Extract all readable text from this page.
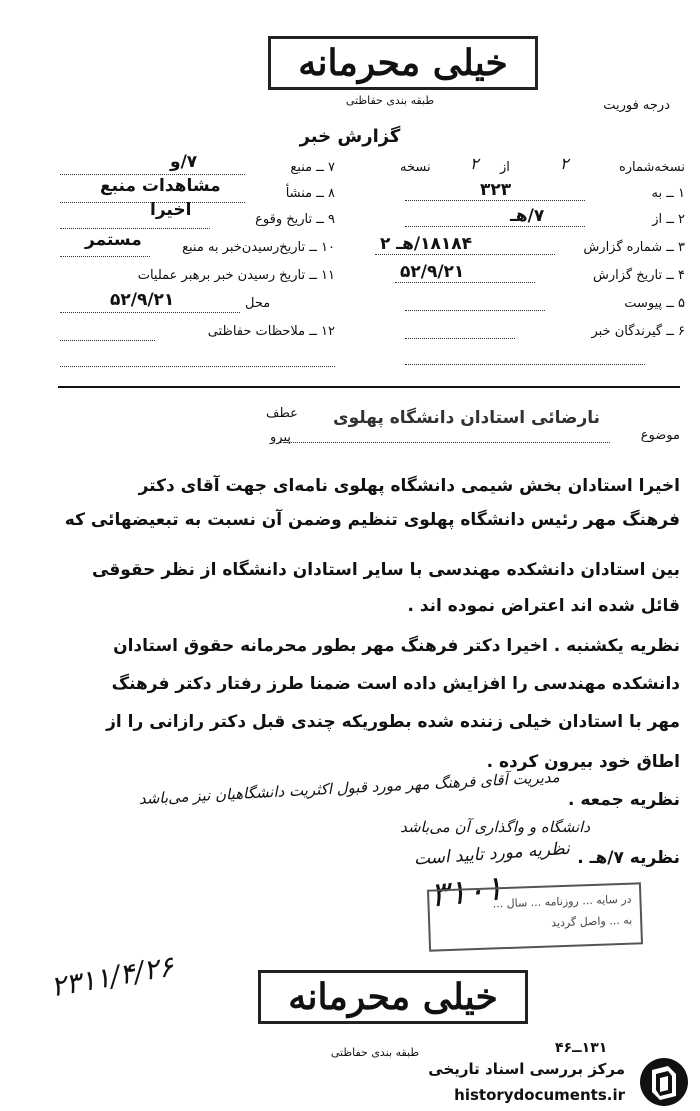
خیلی محرمانه
طبقه بندی حفاظتی	درجه فوریت
گزارش خبر
نسخه‌شماره
۲
از
٢
نسخه
۱ ــ به
۳۲۳
۲ ــ از
۷/هـ
۳ ــ شماره گزارش
۱۸۱۸۴/هـ ۲
۴ ــ تاریخ گزارش
۵۲/۹/۲۱
۵ ــ پیوست
۶ ــ گیرندگان خبر
۷ ــ منبع
۷/و
۸ ــ منشأ
مشاهدات منبع
۹ ــ تاریخ وقوع
اخیرا
۱۰ ــ تاریخ‌رسیدن‌خبر به منبع
مستمر
۱۱ ــ تاریخ رسیدن خبر برهبر عملیات
محل
۵۲/۹/۲۱
۱۲ ــ ملاحظات حفاظتی
موضوع
نارضائی استادان دانشگاه پهلوی
عطف
پیرو
اخیرا استادان بخش شیمی دانشگاه پهلوی نامه‌ای جهت آقای دکتر
فرهنگ مهر رئیس دانشگاه پهلوی تنظیم وضمن آن نسبت به تبعیضهائی که
بین استادان دانشکده مهندسی با سایر استادان دانشگاه از نظر حقوقی
قائل شده اند اعتراض نموده اند .
نظریه یکشنبه . اخیرا دکتر فرهنگ مهر بطور محرمانه حقوق استادان
دانشکده مهندسی را افزایش داده است ضمنا طرز رفتار دکتر فرهنگ
مهر با استادان خیلی زننده شده بطوریکه چندی قبل دکتر رازانی را از
اطاق خود بیرون کرده .
نظریه جمعه .
مدیریت آقای فرهنگ مهر مورد قبول اکثریت دانشگاهیان نیز می‌باشد
دانشگاه و واگذاری آن می‌باشد
نظریه ۷/هـ .
نظریه مورد تایید است
۳۱۰۱
۲۳۱۱/۴/۲۶
در سایه ... روزنامه ... سال ...
به ... واصل گردید
خیلی محرمانه
طبقه بندی حفاظتی	۱۳۱ــ۴۶
مرکز بررسی اسناد تاریخی
historydocuments.ir
